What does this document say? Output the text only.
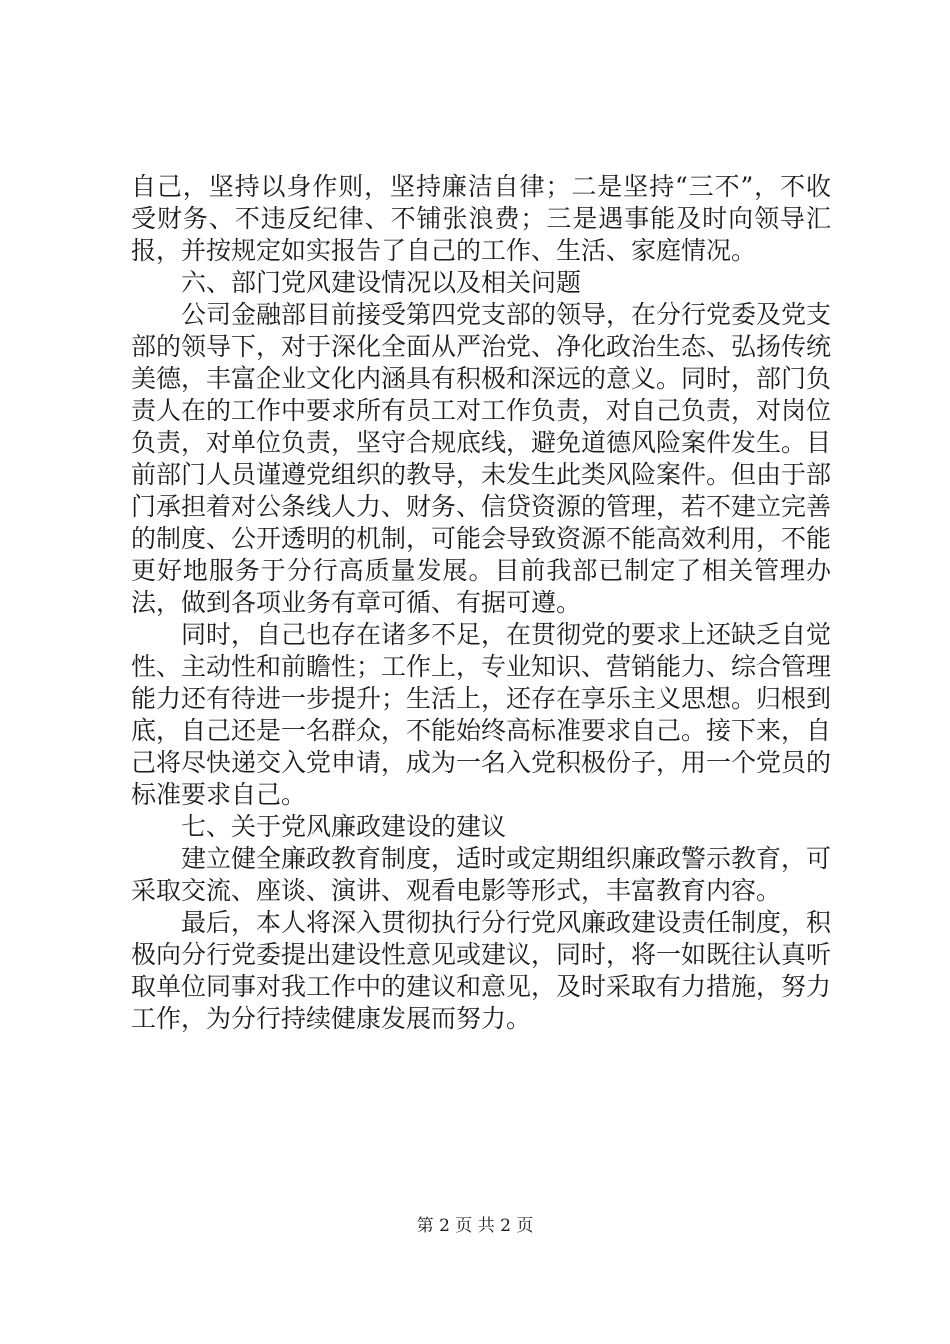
自己，坚持以身作则，坚持廉洁自律；二是坚持“三不”，不收受财务、不违反纪律、不铺张浪费；三是遇事能及时向领导汇报，并按规定如实报告了自己的工作、生活、家庭情况。

六、部门党风建设情况以及相关问题

公司金融部目前接受第四党支部的领导，在分行党委及党支部的领导下，对于深化全面从严治党、净化政治生态、弘扬传统美德，丰富企业文化内涵具有积极和深远的意义。同时，部门负责人在的工作中要求所有员工对工作负责，对自己负责，对岗位负责，对单位负责，坚守合规底线，避免道德风险案件发生。目前部门人员谨遵党组织的教导，未发生此类风险案件。但由于部门承担着对公条线人力、财务、信贷资源的管理，若不建立完善的制度、公开透明的机制，可能会导致资源不能高效利用，不能更好地服务于分行高质量发展。目前我部已制定了相关管理办法，做到各项业务有章可循、有据可遵。

同时，自己也存在诸多不足，在贯彻党的要求上还缺乏自觉性、主动性和前瞻性；工作上，专业知识、营销能力、综合管理能力还有待进一步提升；生活上，还存在享乐主义思想。归根到底，自己还是一名群众，不能始终高标准要求自己。接下来，自己将尽快递交入党申请，成为一名入党积极份子，用一个党员的标准要求自己。

七、关于党风廉政建设的建议

建立健全廉政教育制度，适时或定期组织廉政警示教育，可采取交流、座谈、演讲、观看电影等形式，丰富教育内容。

最后，本人将深入贯彻执行分行党风廉政建设责任制度，积极向分行党委提出建设性意见或建议，同时，将一如既往认真听取单位同事对我工作中的建议和意见，及时采取有力措施，努力工作，为分行持续健康发展而努力。

第 2 页 共 2 页
